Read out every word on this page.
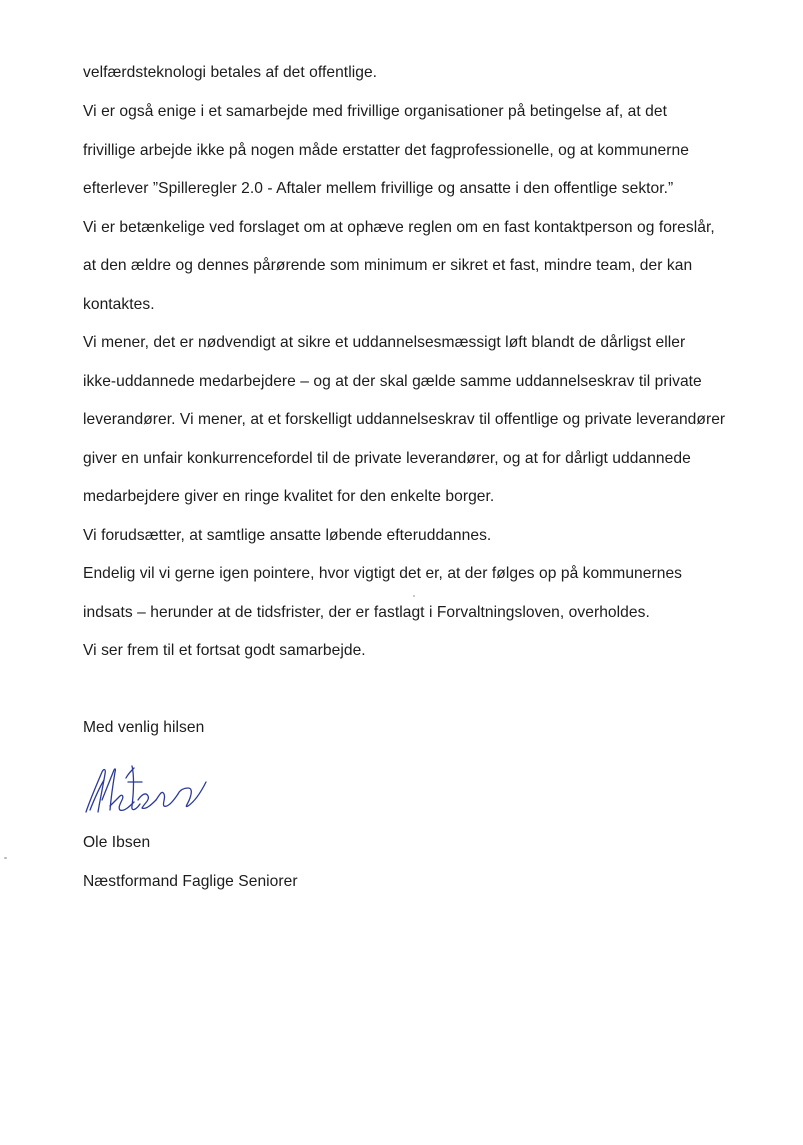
velfærdsteknologi betales af det offentlige.
Vi er også enige i et samarbejde med frivillige organisationer på betingelse af, at det
frivillige arbejde ikke på nogen måde erstatter det fagprofessionelle, og at kommunerne
efterlever ”Spilleregler 2.0 - Aftaler mellem frivillige og ansatte i den offentlige sektor.”
Vi er betænkelige ved forslaget om at ophæve reglen om en fast kontaktperson og foreslår,
at den ældre og dennes pårørende som minimum er sikret et fast, mindre team, der kan
kontaktes.
Vi mener, det er nødvendigt at sikre et uddannelsesmæssigt løft blandt de dårligst eller
ikke-uddannede medarbejdere – og at der skal gælde samme uddannelseskrav til private
leverandører. Vi mener, at et forskelligt uddannelseskrav til offentlige og private leverandører
giver en unfair konkurrencefordel til de private leverandører, og at for dårligt uddannede
medarbejdere giver en ringe kvalitet for den enkelte borger.
Vi forudsætter, at samtlige ansatte løbende efteruddannes.
Endelig vil vi gerne igen pointere, hvor vigtigt det er, at der følges op på kommunernes
indsats – herunder at de tidsfrister, der er fastlagt i Forvaltningsloven, overholdes.
Vi ser frem til et fortsat godt samarbejde.
Med venlig hilsen
Ole Ibsen
Næstformand Faglige Seniorer
